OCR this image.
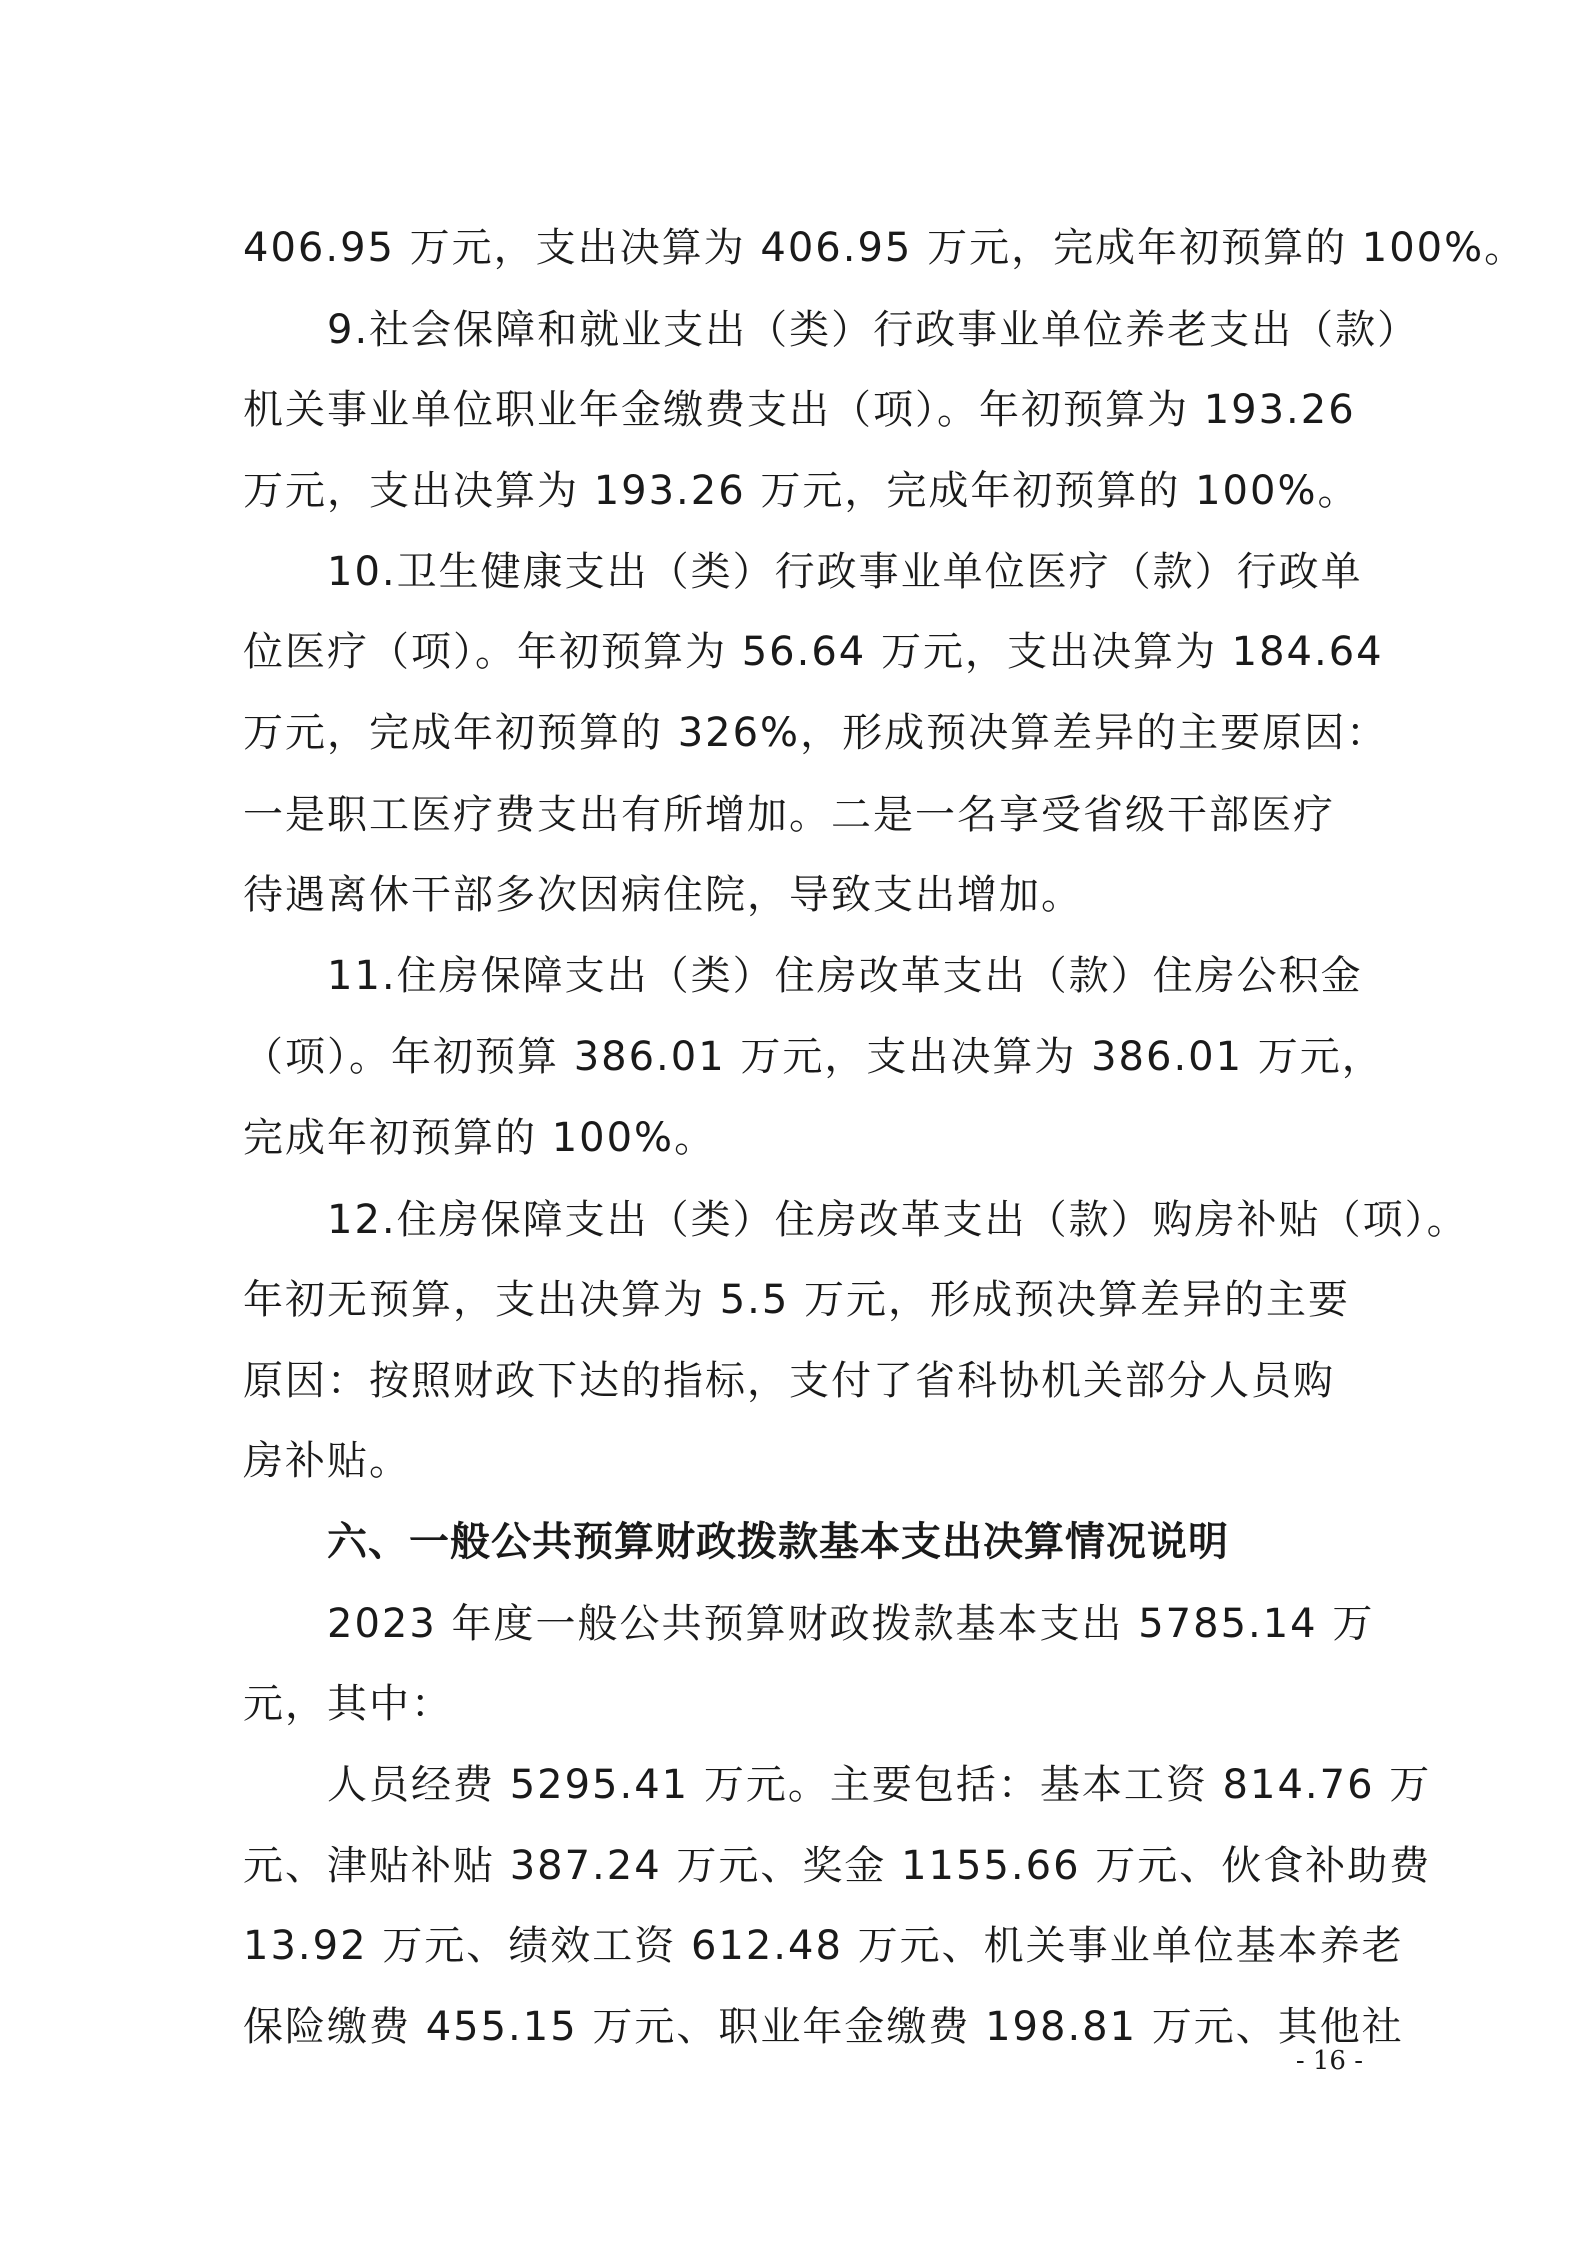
406.95 万元，支出决算为 406.95 万元，完成年初预算的 100%。
9.社会保障和就业支出（类）行政事业单位养老支出（款）
机关事业单位职业年金缴费支出（项）。年初预算为 193.26
万元，支出决算为 193.26 万元，完成年初预算的 100%。
10.卫生健康支出（类）行政事业单位医疗（款）行政单
位医疗（项）。年初预算为 56.64 万元，支出决算为 184.64
万元，完成年初预算的 326%，形成预决算差异的主要原因：
一是职工医疗费支出有所增加。二是一名享受省级干部医疗
待遇离休干部多次因病住院，导致支出增加。
11.住房保障支出（类）住房改革支出（款）住房公积金
（项）。年初预算 386.01 万元，支出决算为 386.01 万元，
完成年初预算的 100%。
12.住房保障支出（类）住房改革支出（款）购房补贴（项）。
年初无预算，支出决算为 5.5 万元，形成预决算差异的主要
原因：按照财政下达的指标，支付了省科协机关部分人员购
房补贴。
六、一般公共预算财政拨款基本支出决算情况说明
2023 年度一般公共预算财政拨款基本支出 5785.14 万
元，其中：
人员经费 5295.41 万元。主要包括：基本工资 814.76 万
元、津贴补贴 387.24 万元、奖金 1155.66 万元、伙食补助费
13.92 万元、绩效工资 612.48 万元、机关事业单位基本养老
保险缴费 455.15 万元、职业年金缴费 198.81 万元、其他社
- 16 -
